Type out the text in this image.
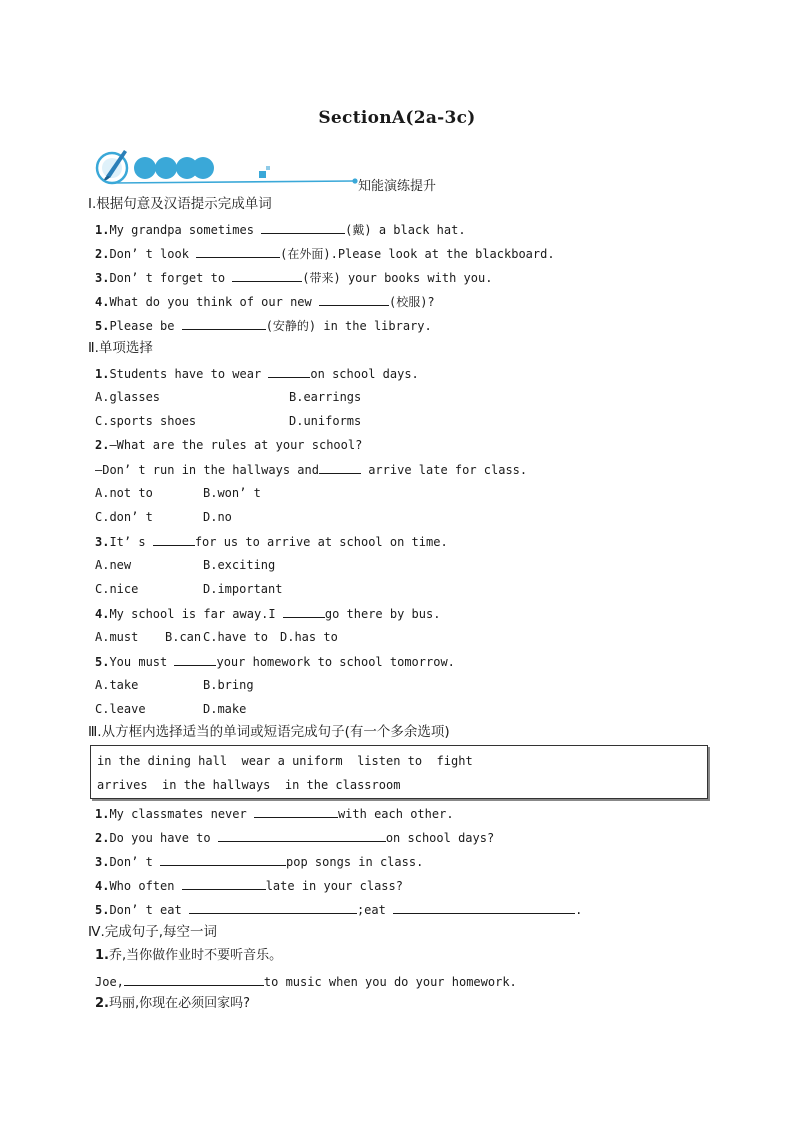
SectionA(2a-3c)
知能演练提升
Ⅰ.根据句意及汉语提示完成单词
1.My grandpa sometimes	(戴) a black hat.
2.Don’ t look	(在外面).Please look at the blackboard.
3.Don’ t forget to	(带来) your books with you.
4.What do you think of our new	(校服)?
5.Please be	(安静的) in the library.
Ⅱ.单项选择
1.Students have to wear	on school days.
A.glasses	B.earrings
C.sports shoes	D.uniforms
2.—What are the rules at your school?
—Don’ t run in the hallways and	arrive late for class.
A.not to	B.won’ t
C.don’ t	D.no
3.It’ s	for us to arrive at school on time.
A.new	B.exciting
C.nice	D.important
4.My school is far away.I	go there by bus.
A.must B.can C.have to D.has to
5.You must	your homework to school tomorrow.
A.take	B.bring
C.leave	D.make
Ⅲ.从方框内选择适当的单词或短语完成句子(有一个多余选项)
in the dining hall  wear a uniform  listen to  fight
arrives  in the hallways  in the classroom
1.My classmates never	with each other.
2.Do you have to	on school days?
3.Don’ t	pop songs in class.
4.Who often	late in your class?
5.Don’ t eat	;eat	.
Ⅳ.完成句子,每空一词
1.乔,当你做作业时不要听音乐。
Joe,	to music when you do your homework.
2.玛丽,你现在必须回家吗?
